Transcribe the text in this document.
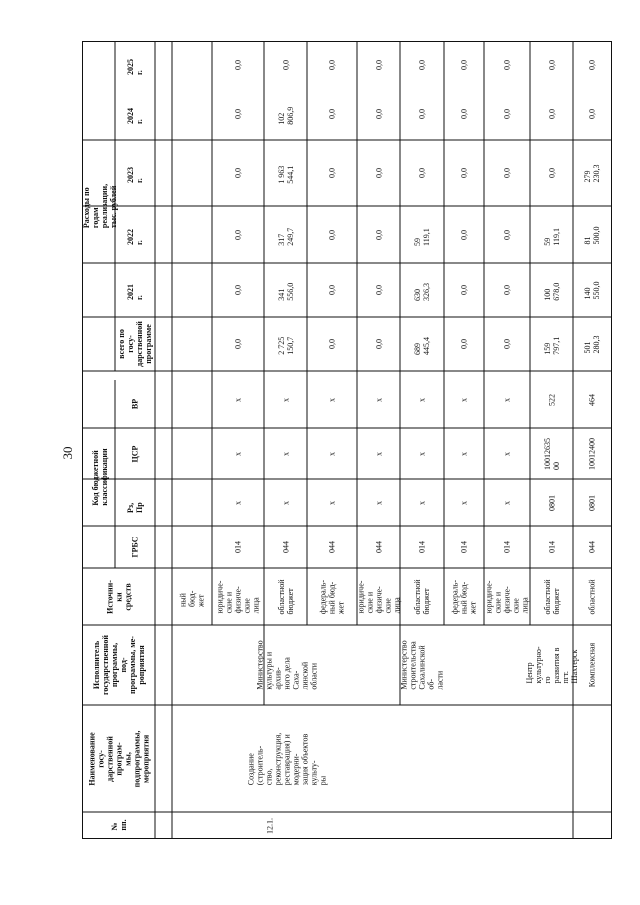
30 Код бюджетной классификации
Расходы по годам реализации, тыс. рублей
№
пп.
Наименование госу-
дарственной програм-
мы, подпрограммы,
мероприятия
Исполнитель
государственной
программы, под-
программы, ме-
роприятия
Источни-
ки
средств
ГРБС
Рз, Пр
ЦСР
ВР
всего по госу-
дарственной
программе
2021 г.
2022 г.
2023 г.
2024 г.
2025 г.
12.1.
Создание (строитель-
ство, реконструкция,
реставрация) и модерни-
зация объектов культу-
ры
Министерство
культуры и архив-
ного дела Саха-
линской области	Министерство
строительства
Сахалинской об-
ласти	Центр культурно-
го развития в пгт.
Шахтерск Комплексная
ный бюд-
жет юридиче-
ские и
физиче-
ские лица
014
х
х
х
0,0
0,0
0,0
0,0
0,0
0,0
областной
бюджет
044
х
х
х
2 725 150,7
341 556,0
317 249,7
1 963 544,1
102 806,9
0,0
федераль-
ный бюд-
жет
044
х
х
х
0,0
0,0
0,0
0,0
0,0
0,0
юридиче-
ские и
физиче-
ские лица
044
х
х
х
0,0
0,0
0,0
0,0
0,0
0,0
областной
бюджет
014
х
х
х
689 445,4
630 326,3
59 119,1
0,0
0,0
0,0
федераль-
ный бюд-
жет
014
х
х
х
0,0
0,0
0,0
0,0
0,0
0,0
юридиче-
ские и
физиче-
ские лица
014
х
х
х
0,0
0,0
0,0
0,0
0,0
0,0
областной
бюджет
014
0801
10012635
00
522
159 797,1
100 678,0
59 119,1
0,0
0,0
0,0
областной
044
0801
10012400
464
501 280,3
140 550,0
81 500,0
279 230,3
0,0
0,0
